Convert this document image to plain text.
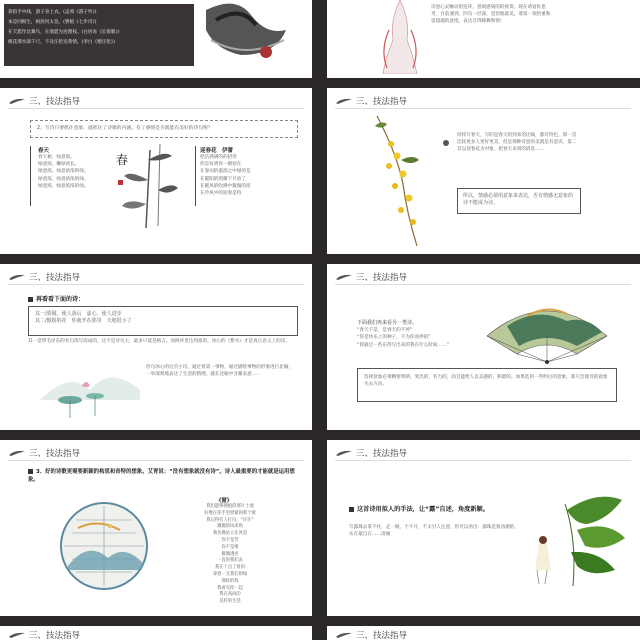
恭指手中线，游子身上衣。(孟郊《游子吟》)
本是同根生，相煎何太急。(曹植《七步诗》)
在天愿作比翼鸟，在地愿为连理枝。(白居易《长恨歌》)
桃花潭水深千尺，不及汪伦送我情。(李白《赠汪伦》)
诗意心灵触动的连环，意境感染的的接奏。现在请看好思考，目前遇到，四句一层深，觉悟地最美。请第一领悟重和思超越的意境，表达自得降舞和情！
三、技法指导
2、写诗只要抓住意象，就抓住了诗歌的内涵。有了感情是否就能有美好的诗句呢？
春天
春天树、绿意浓。
绿意浓，嫩绿初长。
绿意浓，绿意浓浓的绿。
绿意浓，绿意浓浓的绿。
绿意浓，绿意浓浓的绿。
春
迎春花　伊蕾
把洁满满的的招待
你是每到你一朝迎在
在春雨的滋润之中绿的是
在暖阳的照耀下开放了
在暖风的吹拂中微微的招
在冷风中的迎春是特
三、技法指导
同样写春天，写的是春天的到来的比喻，都有特色，那一首比较更多人更好更美，但是那种诗意的美就是有意识，第二首以迎春花为对象，把春天来到的消息……
所以，情感必须用意象来表达，否有情感无意象的诗不能成为诗。
三、技法指导
再看看下面的诗：
其一/骄傲，使人落后　虚心，使人进步
其二/傲娇的花　你就开在那里　天地很小了
其一是带毛泽东的名句改写而成的，这不是诗句主，最多只能是格言。而阿祥里达到准的。冰心的《繁水》才是真正意义上的诗。
但句冰心的这首小诗，通过将第一事物，通过描绘事物的形象进行比喻，一举深刻地表达了生活的情理。就在比喻中含蓄表意……
三、技法指导
下面我们再来看另一类诗。
“春天不是，是春天的不停”
“你是快乐上的种子，不为你而停的”
“我通过一些东西写出来的我在什么时间……”
选择意象必须精密明朗、突出的，有力的，而且能给人以美感的，和谐的。如果选用一些明白的意象，那只会使诗的意象失去方向。
三、技法指导
3、好的诗歌更需要新颖的构思和奇特的想象。艾青说：“没有想象就没有诗”。诗人最重要的才能就是运用想象。
《窗》
我们能够拥抱的那片土地
好像在你手里捏紧的那个窗
我记得有人打扫，“许许”
微微的风来吹
我仿佛站立在风里
你不是苦
你不是难
微微透亮
一直的我们去
我在十点了看的
拿着一支我们的绿
那样的我
我看见你一起
我在高尚的
美好的生活
三、技法指导
这首诗用拟人的手法，让“露”自述，角度新颖。
写露珠去掌不住，走一路，个不开，不太引人注意，但可以看出：露珠是很清澈的，实在最自在……清丽
三、技法指导	三、技法指导
